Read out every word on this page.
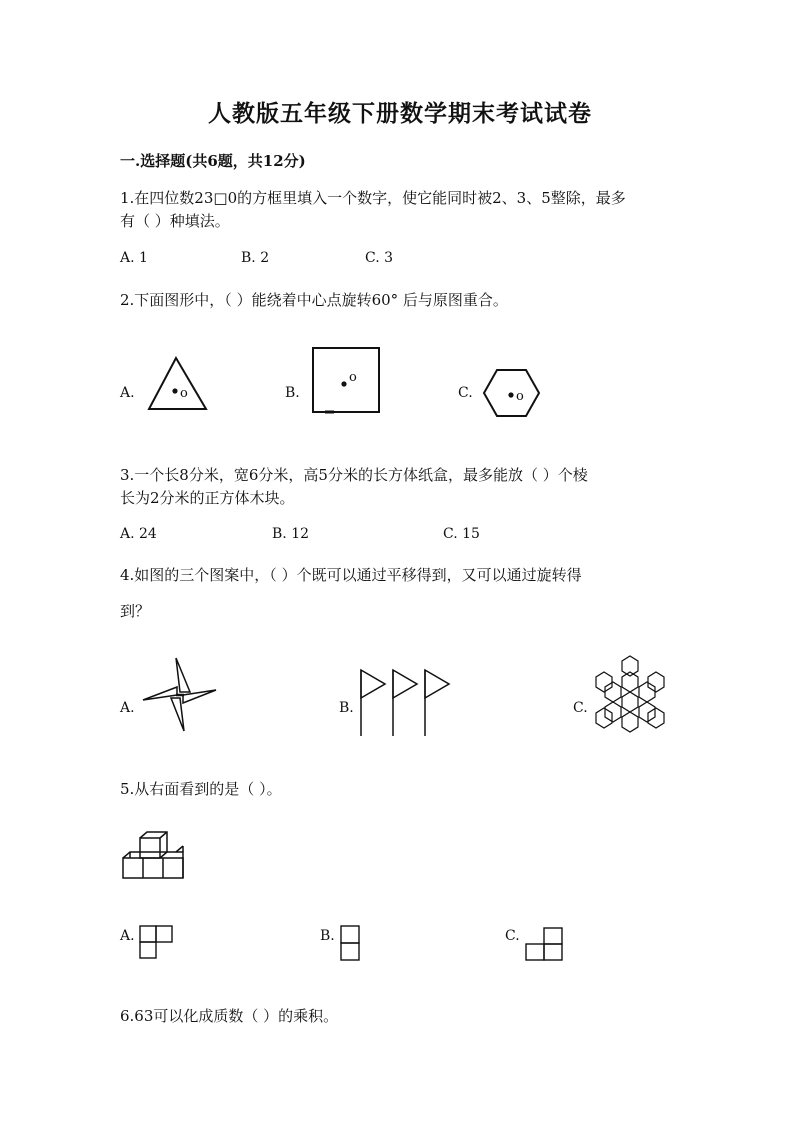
人教版五年级下册数学期末考试试卷
一.选择题(共6题，共12分)
1.在四位数23□0的方框里填入一个数字，使它能同时被2、3、5整除，最多
有（ ）种填法。
A. 1	B. 2	C. 3
2.下面图形中，（ ）能绕着中心点旋转60° 后与原图重合。
A.	o	B.
o
C.	o
3.一个长8分米，宽6分米，高5分米的长方体纸盒，最多能放（ ）个棱
长为2分米的正方体木块。
A. 24	B. 12	C. 15
4.如图的三个图案中，（ ）个既可以通过平移得到，又可以通过旋转得
到？
A.	B.	C.
5.从右面看到的是（ ）。
A.	B.	C.
6.63可以化成质数（ ）的乘积。
